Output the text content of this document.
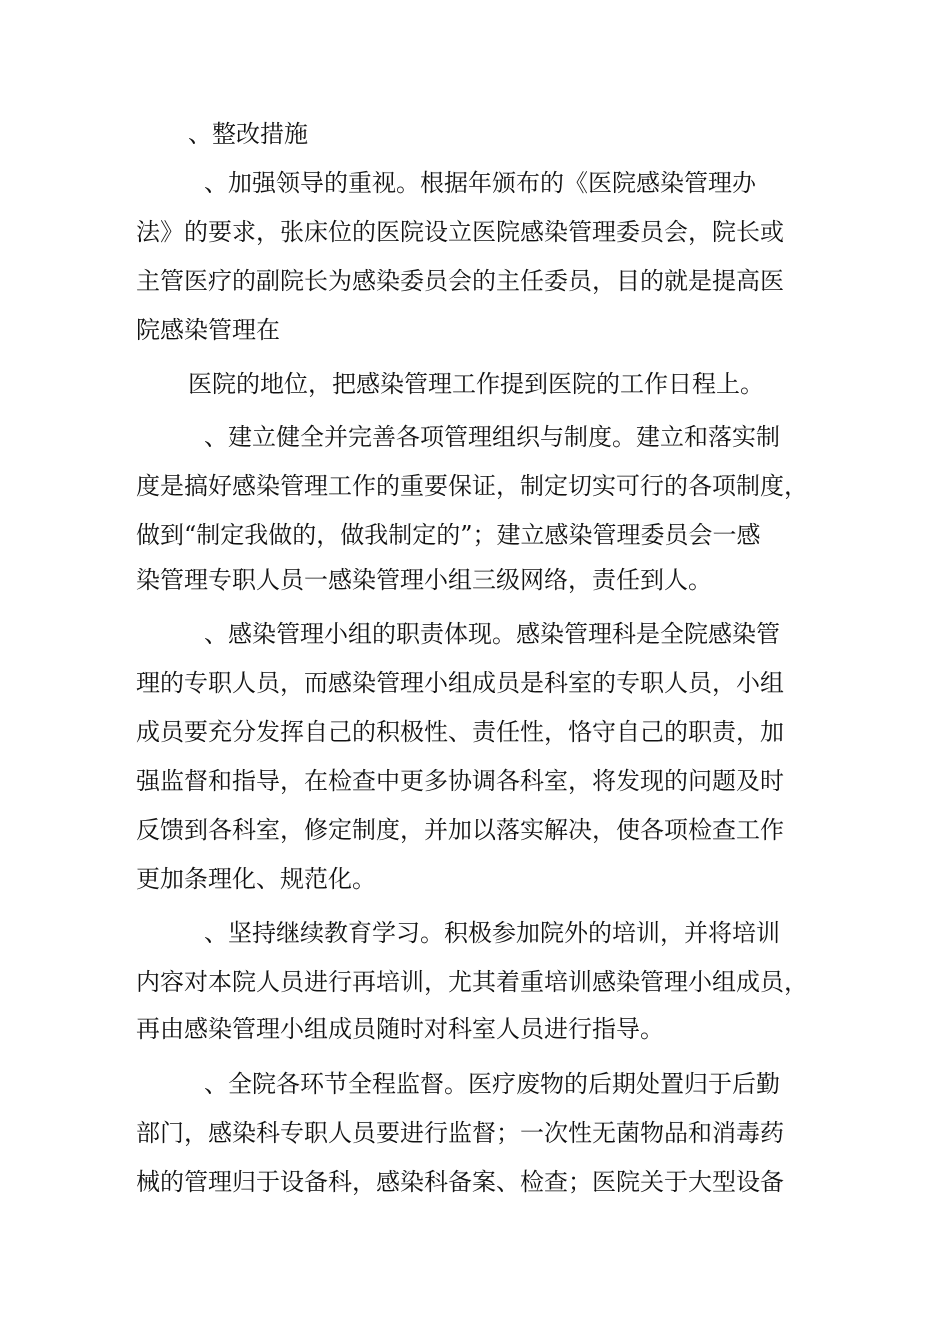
、整改措施

、加强领导的重视。根据年颁布的《医院感染管理办

法》的要求，张床位的医院设立医院感染管理委员会，院长或

主管医疗的副院长为感染委员会的主任委员，目的就是提高医

院感染管理在

医院的地位，把感染管理工作提到医院的工作日程上。

、建立健全并完善各项管理组织与制度。建立和落实制

度是搞好感染管理工作的重要保证，制定切实可行的各项制度，

做到“制定我做的，做我制定的”；建立感染管理委员会一感

染管理专职人员一感染管理小组三级网络，责任到人。

、感染管理小组的职责体现。感染管理科是全院感染管

理的专职人员，而感染管理小组成员是科室的专职人员，小组

成员要充分发挥自己的积极性、责任性，恪守自己的职责，加

强监督和指导，在检查中更多协调各科室，将发现的问题及时

反馈到各科室，修定制度，并加以落实解决，使各项检查工作

更加条理化、规范化。

、坚持继续教育学习。积极参加院外的培训，并将培训

内容对本院人员进行再培训，尤其着重培训感染管理小组成员，

再由感染管理小组成员随时对科室人员进行指导。

、全院各环节全程监督。医疗废物的后期处置归于后勤

部门，感染科专职人员要进行监督；一次性无菌物品和消毒药

械的管理归于设备科，感染科备案、检查；医院关于大型设备
